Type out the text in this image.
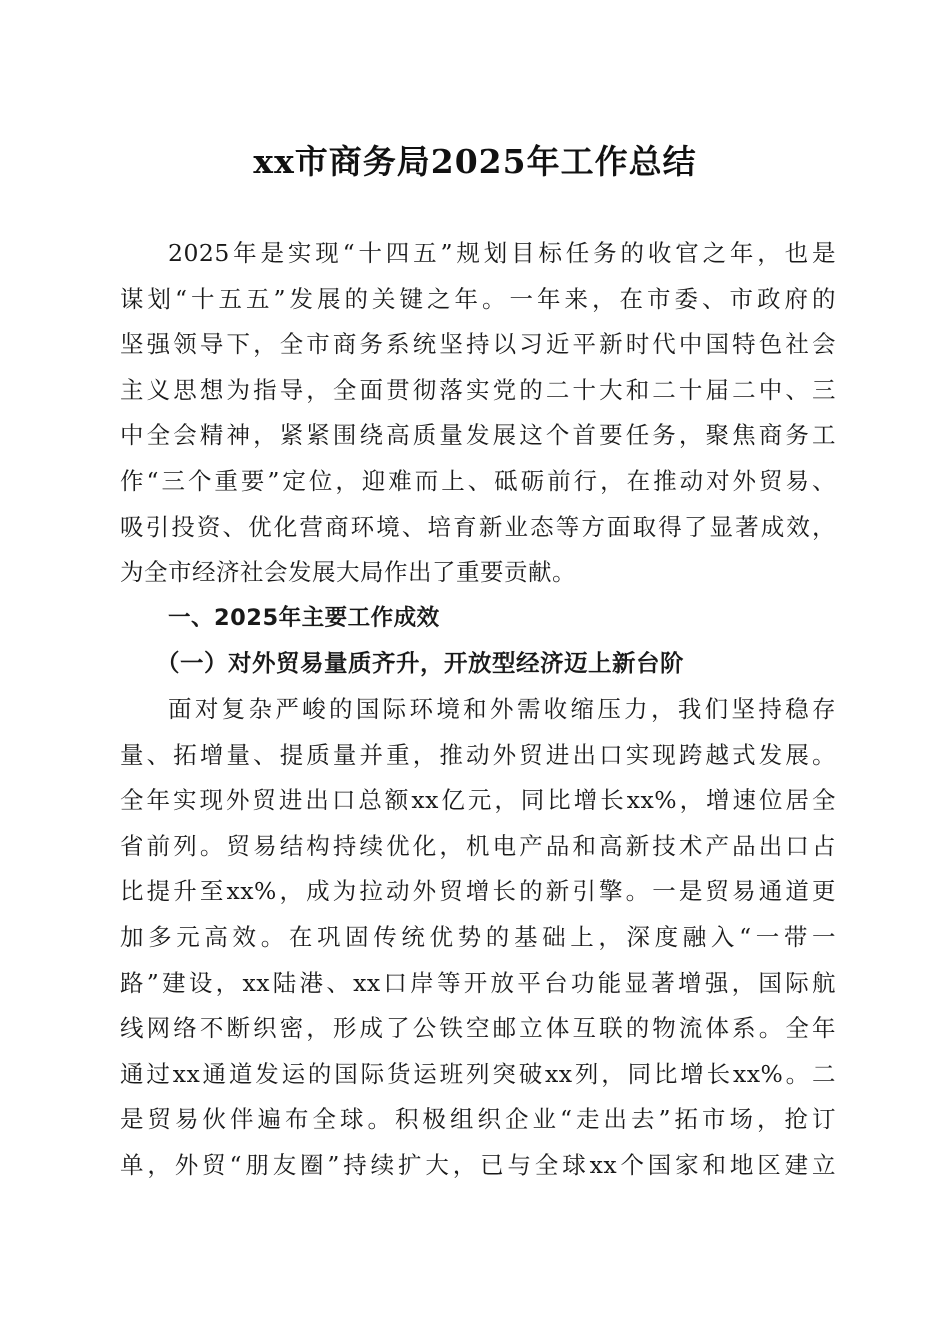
xx市商务局2025年工作总结
2025年是实现“十四五”规划目标任务的收官之年，也是
谋划“十五五”发展的关键之年。一年来，在市委、市政府的
坚强领导下，全市商务系统坚持以习近平新时代中国特色社会
主义思想为指导，全面贯彻落实党的二十大和二十届二中、三
中全会精神，紧紧围绕高质量发展这个首要任务，聚焦商务工
作“三个重要”定位，迎难而上、砥砺前行，在推动对外贸易、
吸引投资、优化营商环境、培育新业态等方面取得了显著成效，
为全市经济社会发展大局作出了重要贡献。
一、2025年主要工作成效
（一）对外贸易量质齐升，开放型经济迈上新台阶
面对复杂严峻的国际环境和外需收缩压力，我们坚持稳存
量、拓增量、提质量并重，推动外贸进出口实现跨越式发展。
全年实现外贸进出口总额xx亿元，同比增长xx%，增速位居全
省前列。贸易结构持续优化，机电产品和高新技术产品出口占
比提升至xx%，成为拉动外贸增长的新引擎。一是贸易通道更
加多元高效。在巩固传统优势的基础上，深度融入“一带一
路”建设，xx陆港、xx口岸等开放平台功能显著增强，国际航
线网络不断织密，形成了公铁空邮立体互联的物流体系。全年
通过xx通道发运的国际货运班列突破xx列，同比增长xx%。二
是贸易伙伴遍布全球。积极组织企业“走出去”拓市场，抢订
单，外贸“朋友圈”持续扩大，已与全球xx个国家和地区建立
